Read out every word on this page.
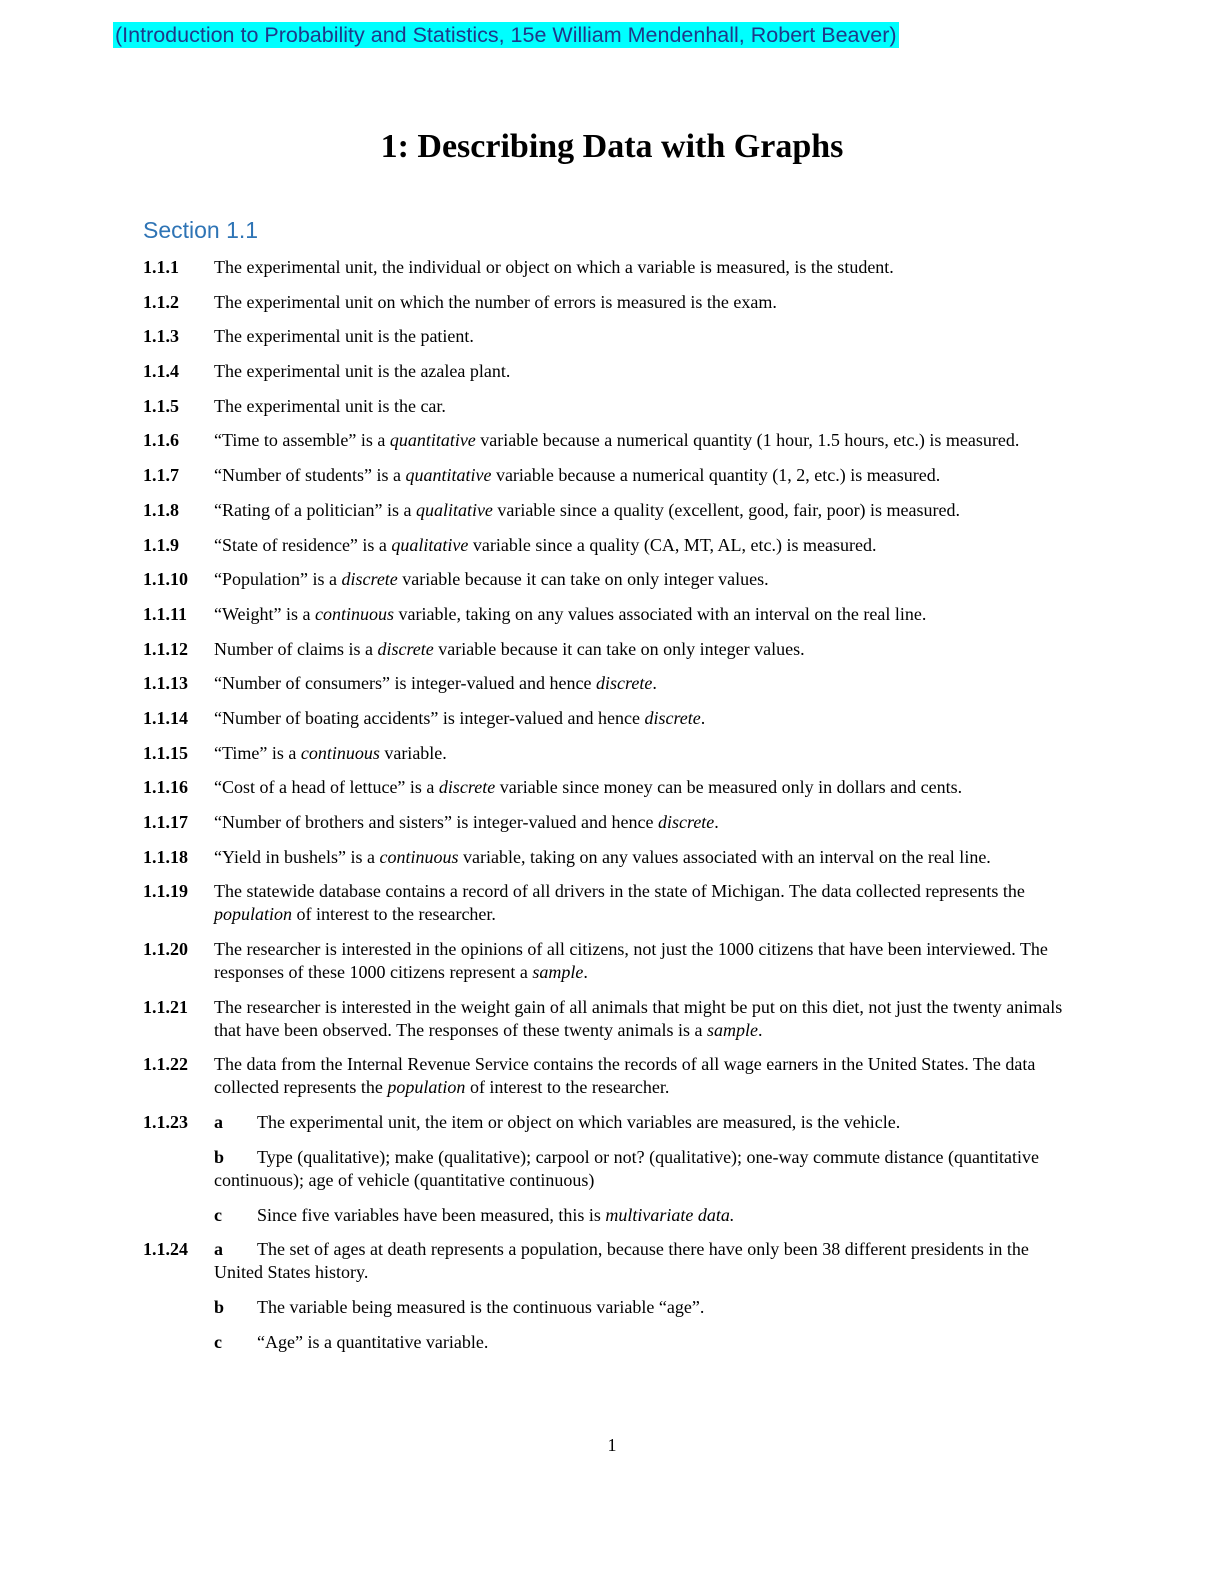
(Introduction to Probability and Statistics, 15e William Mendenhall, Robert Beaver)
1: Describing Data with Graphs
Section 1.1
1.1.1 The experimental unit, the individual or object on which a variable is measured, is the student.
1.1.2 The experimental unit on which the number of errors is measured is the exam.
1.1.3 The experimental unit is the patient.
1.1.4 The experimental unit is the azalea plant.
1.1.5 The experimental unit is the car.
1.1.6 “Time to assemble” is a quantitative variable because a numerical quantity (1 hour, 1.5 hours, etc.) is measured.
1.1.7 “Number of students” is a quantitative variable because a numerical quantity (1, 2, etc.) is measured.
1.1.8 “Rating of a politician” is a qualitative variable since a quality (excellent, good, fair, poor) is measured.
1.1.9 “State of residence” is a qualitative variable since a quality (CA, MT, AL, etc.) is measured.
1.1.10 “Population” is a discrete variable because it can take on only integer values.
1.1.11 “Weight” is a continuous variable, taking on any values associated with an interval on the real line.
1.1.12 Number of claims is a discrete variable because it can take on only integer values.
1.1.13 “Number of consumers” is integer-valued and hence discrete.
1.1.14 “Number of boating accidents” is integer-valued and hence discrete.
1.1.15 “Time” is a continuous variable.
1.1.16 “Cost of a head of lettuce” is a discrete variable since money can be measured only in dollars and cents.
1.1.17 “Number of brothers and sisters” is integer-valued and hence discrete.
1.1.18 “Yield in bushels” is a continuous variable, taking on any values associated with an interval on the real line.
1.1.19 The statewide database contains a record of all drivers in the state of Michigan. The data collected represents the population of interest to the researcher.
1.1.20 The researcher is interested in the opinions of all citizens, not just the 1000 citizens that have been interviewed. The responses of these 1000 citizens represent a sample.
1.1.21 The researcher is interested in the weight gain of all animals that might be put on this diet, not just the twenty animals that have been observed. The responses of these twenty animals is a sample.
1.1.22 The data from the Internal Revenue Service contains the records of all wage earners in the United States. The data collected represents the population of interest to the researcher.
1.1.23 a The experimental unit, the item or object on which variables are measured, is the vehicle.
b Type (qualitative); make (qualitative); carpool or not? (qualitative); one-way commute distance (quantitative continuous); age of vehicle (quantitative continuous)
c Since five variables have been measured, this is multivariate data.
1.1.24 a The set of ages at death represents a population, because there have only been 38 different presidents in the United States history.
b The variable being measured is the continuous variable “age”.
c “Age” is a quantitative variable.
1
